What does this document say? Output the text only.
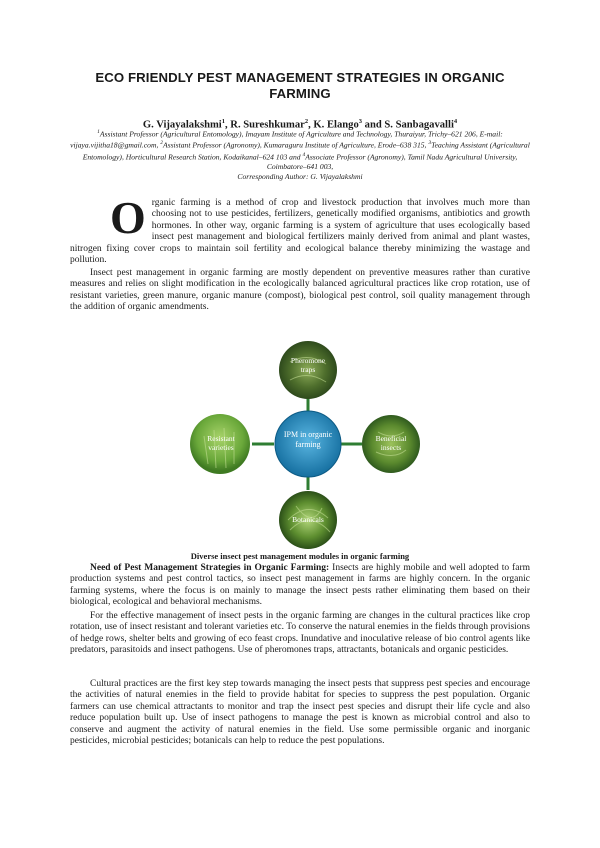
ECO FRIENDLY PEST MANAGEMENT STRATEGIES IN ORGANIC FARMING
G. Vijayalakshmi$^1$, R. Sureshkumar$^2$, K. Elango$^3$ and S. Sanbagavalli$^4$
$^1$Assistant Professor (Agricultural Entomology), Imayam Institute of Agriculture and Technology, Thuraiyur, Trichy–621 206, E-mail: vijaya.vijitha18@gmail.com, $^2$Assistant Professor (Agronomy), Kumaraguru Institute of Agriculture, Erode–638 315, $^3$Teaching Assistant (Agricultural Entomology), Horticultural Research Station, Kodaikanal–624 103 and $^4$Associate Professor (Agronomy), Tamil Nadu Agricultural University, Coimbatore–641 003,
Corresponding Author: G. Vijayalakshmi
Organic farming is a method of crop and livestock production that involves much more than choosing not to use pesticides, fertilizers, genetically modified organisms, antibiotics and growth hormones. In other way, organic farming is a system of agriculture that uses ecologically based insect pest management and biological fertilizers mainly derived from animal and plant wastes, nitrogen fixing cover crops to maintain soil fertility and ecological balance thereby minimizing the wastage and pollution.

Insect pest management in organic farming are mostly dependent on preventive measures rather than curative measures and relies on slight modification in the ecologically balanced agricultural practices like crop rotation, use of resistant varieties, green manure, organic manure (compost), biological pest control, soil quality management through the addition of organic amendments.

Pheromone traps
Resistant varieties
Beneficial insects
Botanicals
IPM in organic farming
Diverse insect pest management modules in organic farming

Need of Pest Management Strategies in Organic Farming: Insects are highly mobile and well adopted to farm production systems and pest control tactics, so insect pest management in farms are highly concern. In the organic farming systems, where the focus is on mainly to manage the insect pests rather eliminating them based on their biological, ecological and behavioral mechanisms.

For the effective management of insect pests in the organic farming are changes in the cultural practices like crop rotation, use of insect resistant and tolerant varieties etc. To conserve the natural enemies in the fields through provisions of hedge rows, shelter belts and growing of eco feast crops. Inundative and inoculative release of bio control agents like predators, parasitoids and insect pathogens. Use of pheromones traps, attractants, botanicals and organic pesticides.

Cultural practices are the first key step towards managing the insect pests that suppress pest species and encourage the activities of natural enemies in the field to provide habitat for species to suppress the pest population. Organic farmers can use chemical attractants to monitor and trap the insect pest species and disrupt their life cycle and also reduce population built up. Use of insect pathogens to manage the pest is known as microbial control and also to conserve and augment the activity of natural enemies in the field. Use some permissible organic and inorganic pesticides, microbial pesticides; botanicals can help to reduce the pest populations.
